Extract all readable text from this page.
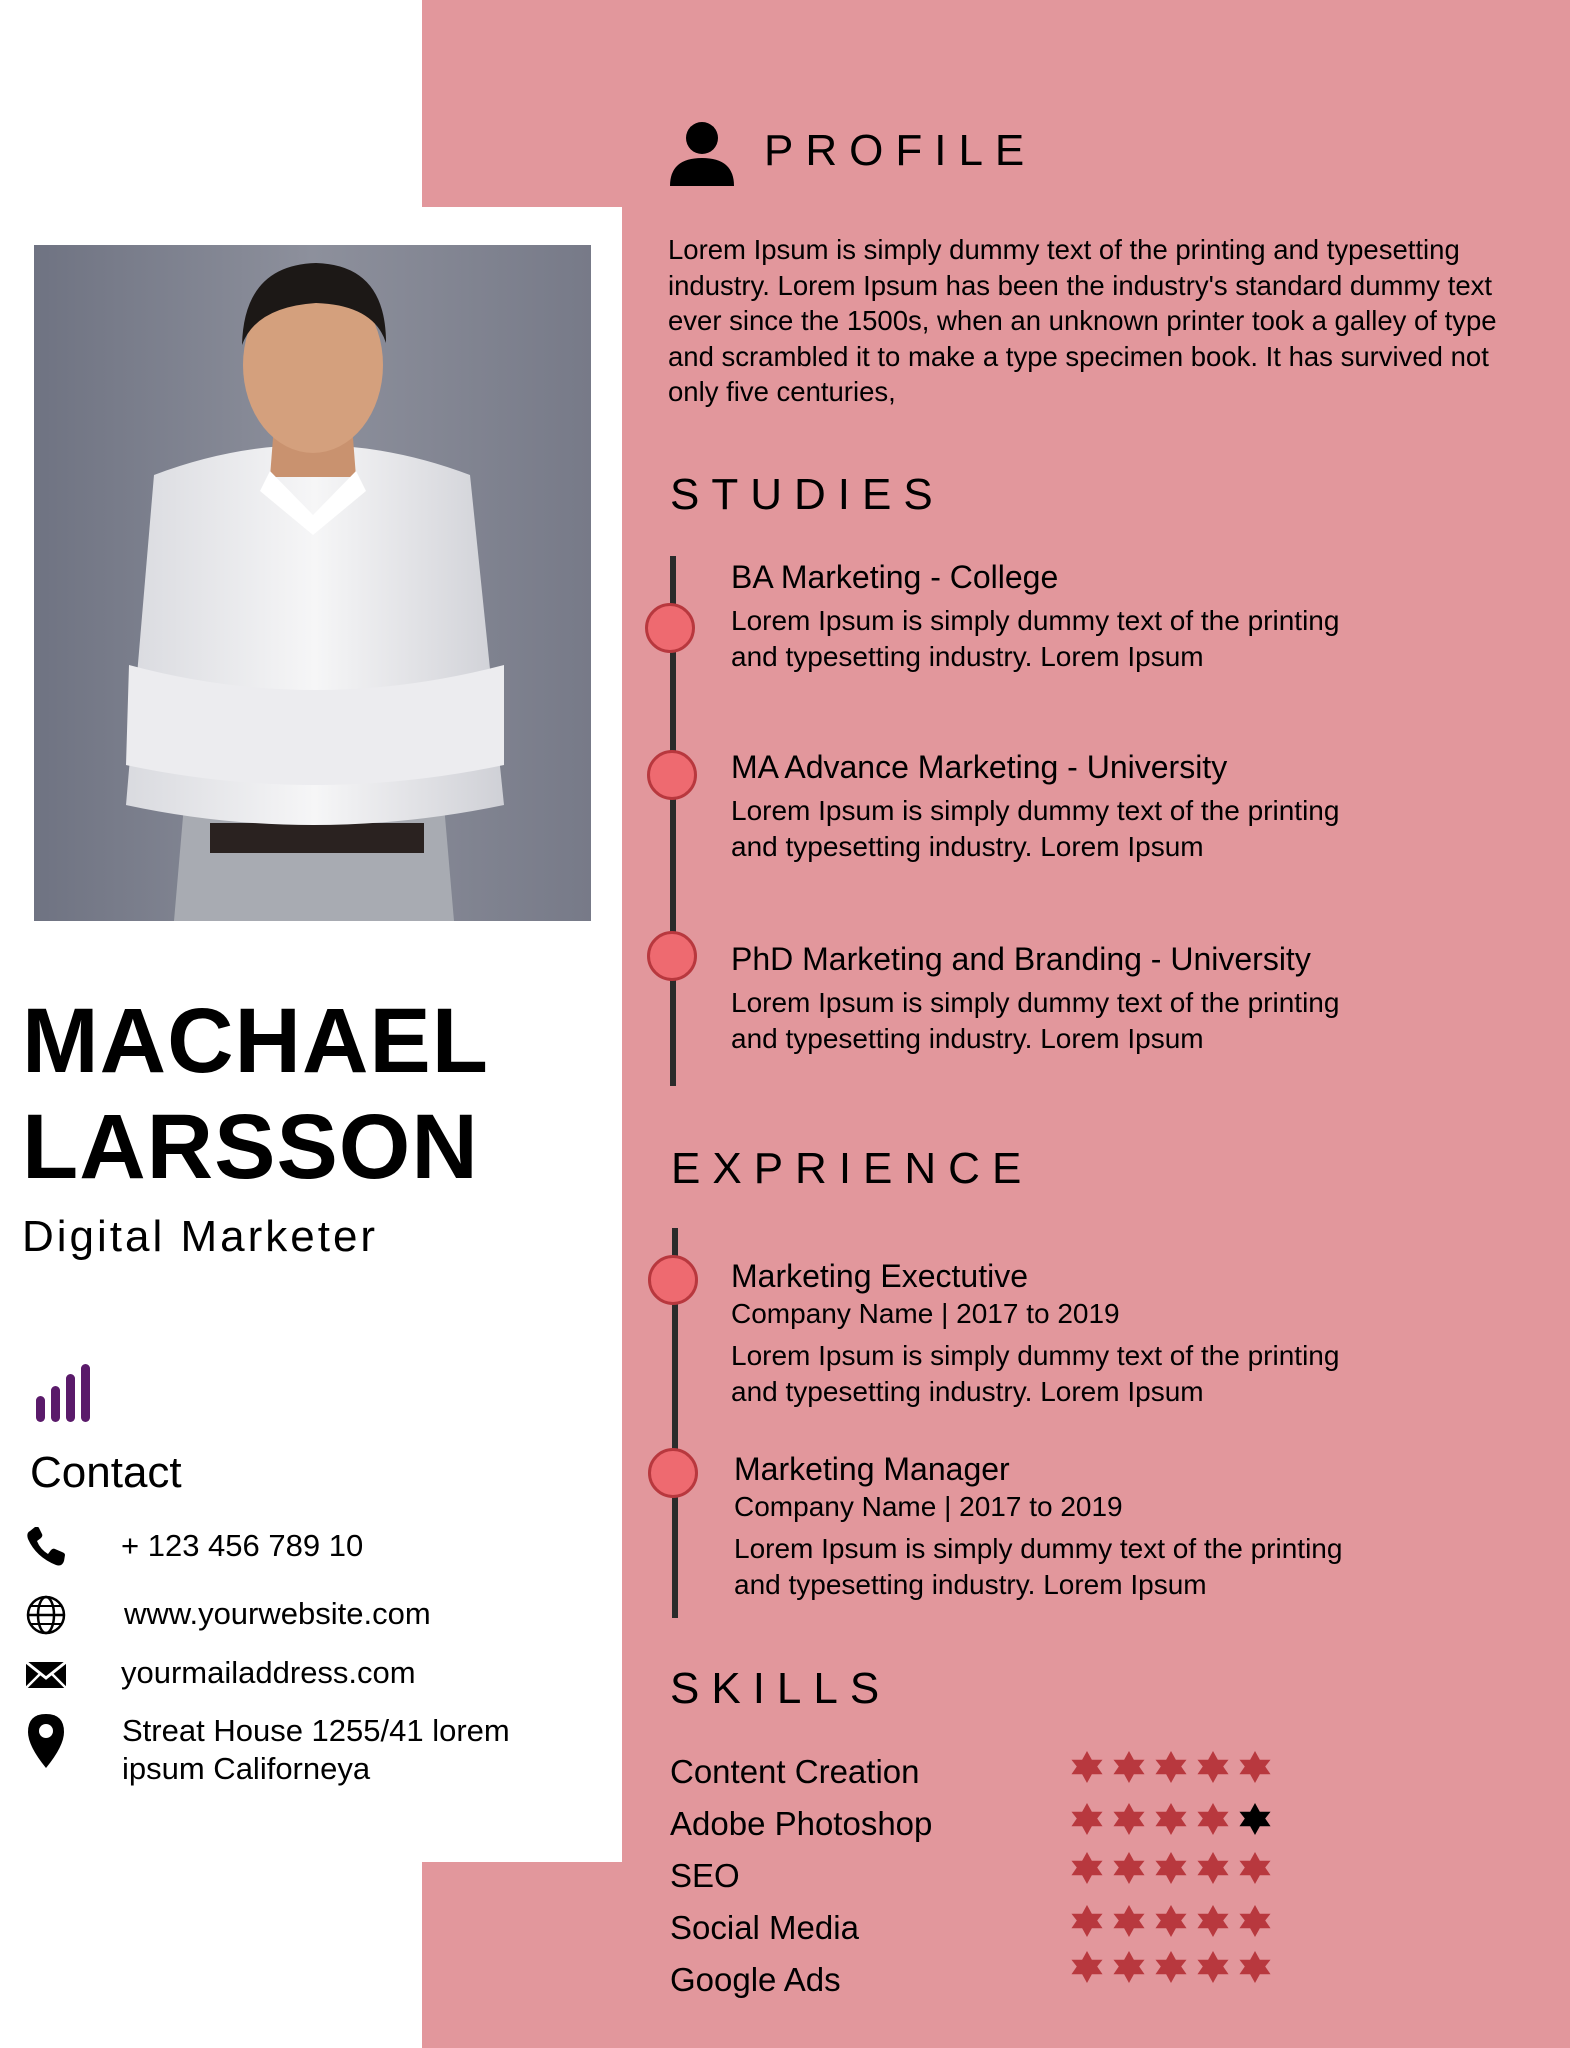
MACHAEL
LARSSON
Digital Marketer
Contact
+ 123 456 789 10
www.yourwebsite.com
yourmailaddress.com
Streat House 1255/41 lorem
ipsum Californeya
PROFILE
Lorem Ipsum is simply dummy text of the printing and typesetting industry. Lorem Ipsum has been the industry's standard dummy text ever since the 1500s, when an unknown printer took a galley of type and scrambled it to make a type specimen book. It has survived not only five centuries,
STUDIES
BA Marketing - College
Lorem Ipsum is simply dummy text of the printing
and typesetting industry. Lorem Ipsum
MA Advance Marketing - University
Lorem Ipsum is simply dummy text of the printing
and typesetting industry. Lorem Ipsum
PhD Marketing and Branding - University
Lorem Ipsum is simply dummy text of the printing
and typesetting industry. Lorem Ipsum
EXPRIENCE
Marketing Exectutive
Company Name | 2017 to 2019
Lorem Ipsum is simply dummy text of the printing
and typesetting industry. Lorem Ipsum
Marketing Manager
Company Name | 2017 to 2019
Lorem Ipsum is simply dummy text of the printing
and typesetting industry. Lorem Ipsum
SKILLS
Content Creation
Adobe Photoshop
SEO
Social Media
Google Ads
